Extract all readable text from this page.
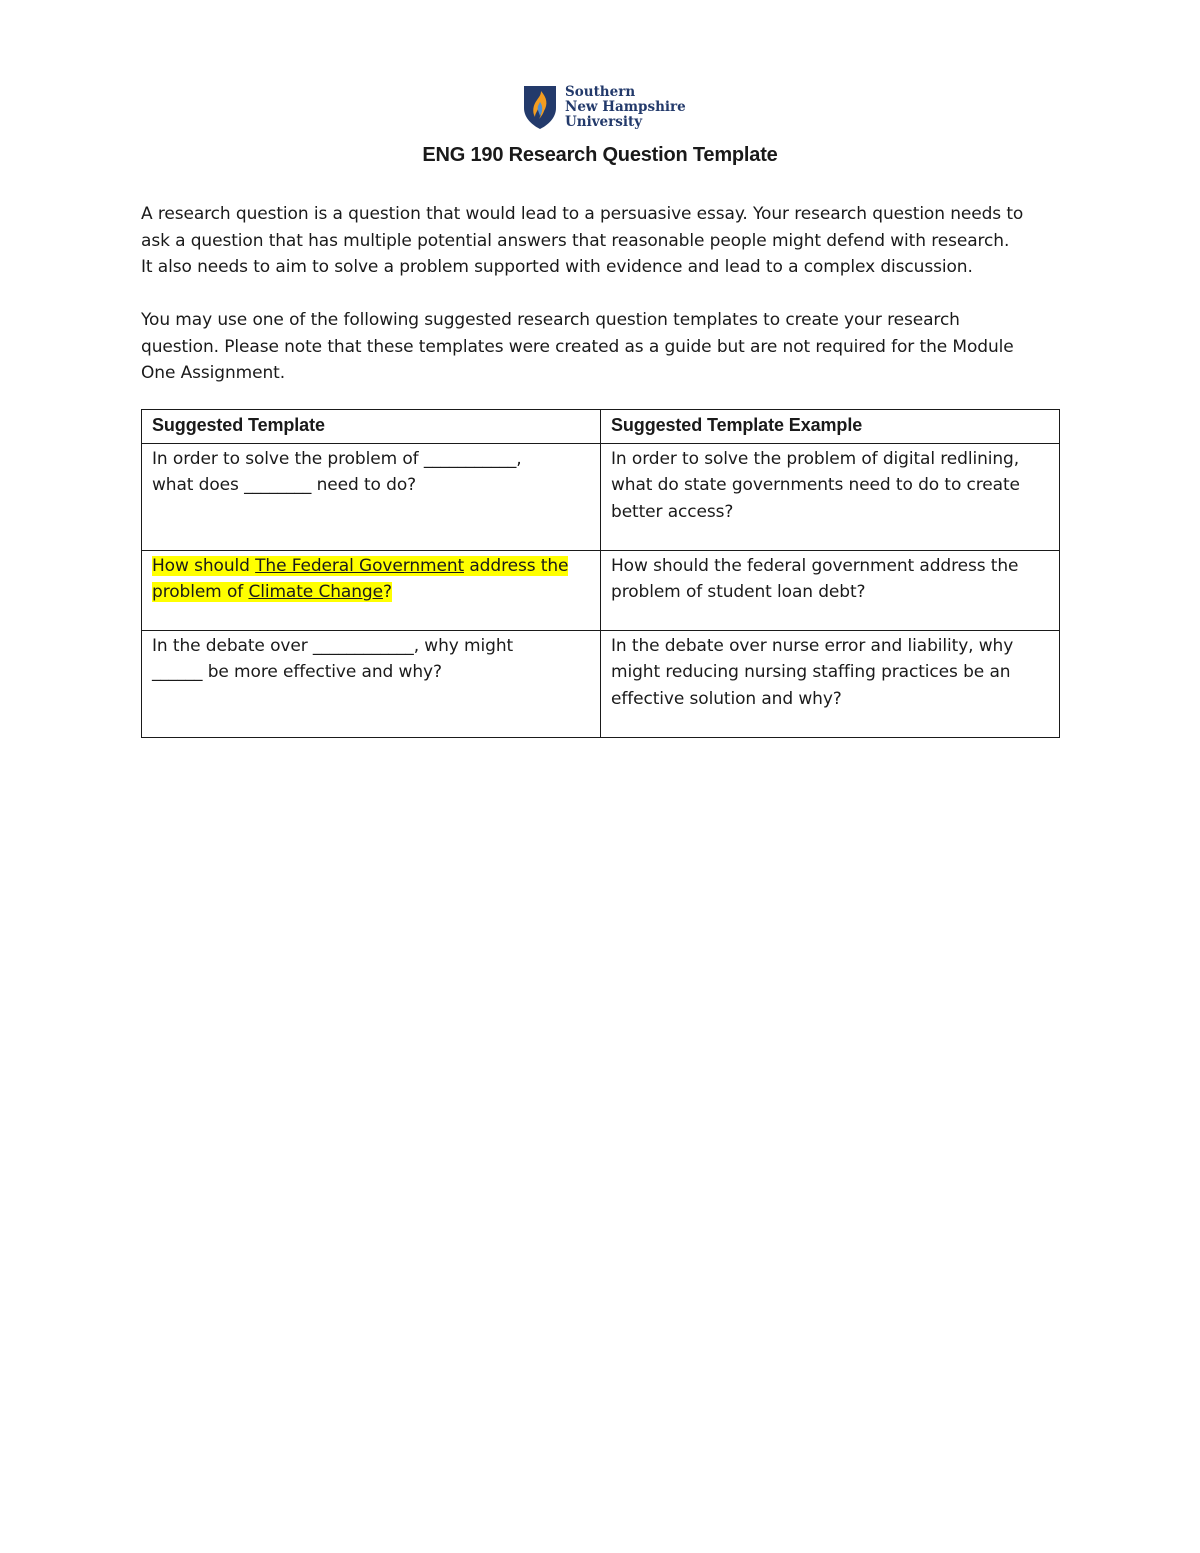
Southern
New Hampshire
University
ENG 190 Research Question Template
A research question is a question that would lead to a persuasive essay. Your research question needs to
ask a question that has multiple potential answers that reasonable people might defend with research.
It also needs to aim to solve a problem supported with evidence and lead to a complex discussion.
You may use one of the following suggested research question templates to create your research
question. Please note that these templates were created as a guide but are not required for the Module
One Assignment.
Suggested Template	Suggested Template Example

In order to solve the problem of ___________,
what does ________ need to do?	In order to solve the problem of digital redlining,
what do state governments need to do to create
better access?

How should The Federal Government address the
problem of Climate Change?	How should the federal government address the
problem of student loan debt?

In the debate over ____________, why might
______ be more effective and why?	In the debate over nurse error and liability, why
might reducing nursing staffing practices be an
effective solution and why?
